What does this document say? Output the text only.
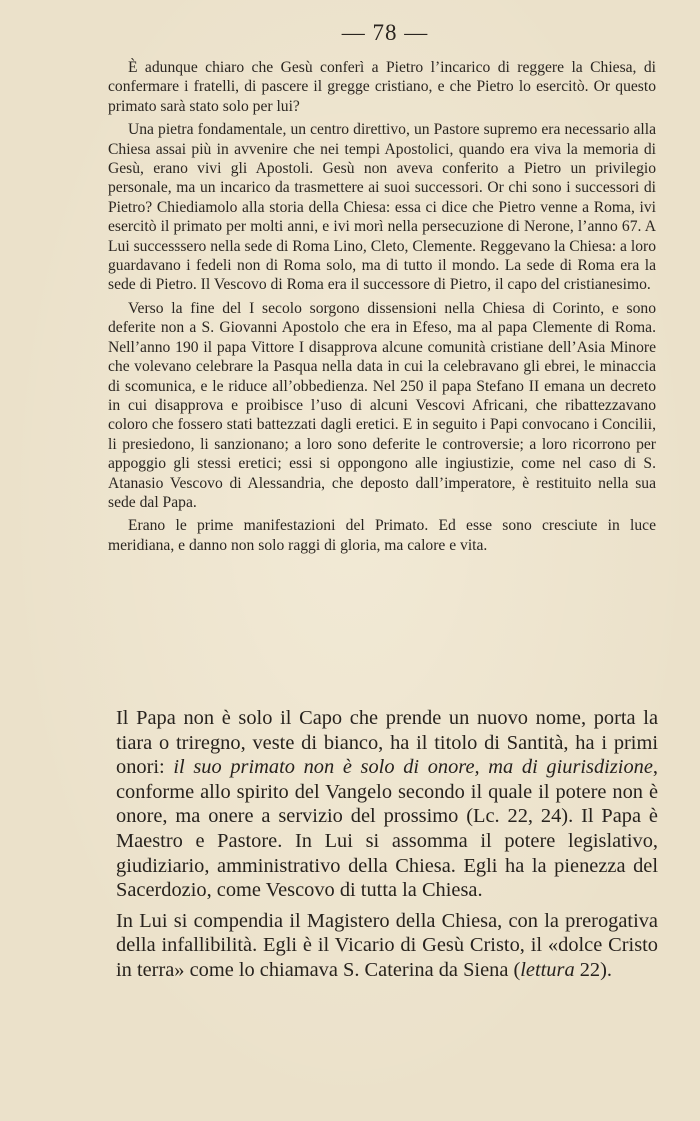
— 78 —

È adunque chiaro che Gesù conferì a Pietro l’incarico di reggere la Chiesa, di confermare i fratelli, di pascere il gregge cristiano, e che Pietro lo esercitò. Or questo primato sarà stato solo per lui?

Una pietra fondamentale, un centro direttivo, un Pastore supremo era necessario alla Chiesa assai più in avvenire che nei tempi Apostolici, quando era viva la memoria di Gesù, erano vivi gli Apostoli. Gesù non aveva conferito a Pietro un privilegio personale, ma un incarico da trasmettere ai suoi successori. Or chi sono i successori di Pietro? Chiediamolo alla storia della Chiesa: essa ci dice che Pietro venne a Roma, ivi esercitò il primato per molti anni, e ivi morì nella persecuzione di Nerone, l’anno 67. A Lui successsero nella sede di Roma Lino, Cleto, Clemente. Reggevano la Chiesa: a loro guardavano i fedeli non di Roma solo, ma di tutto il mondo. La sede di Roma era la sede di Pietro. Il Vescovo di Roma era il successore di Pietro, il capo del cristianesimo.

Verso la fine del I secolo sorgono dissensioni nella Chiesa di Corinto, e sono deferite non a S. Giovanni Apostolo che era in Efeso, ma al papa Clemente di Roma. Nell’anno 190 il papa Vittore I disapprova alcune comunità cristiane dell’Asia Minore che volevano celebrare la Pasqua nella data in cui la celebravano gli ebrei, le minaccia di scomunica, e le riduce all’obbedienza. Nel 250 il papa Stefano II emana un decreto in cui disapprova e proibisce l’uso di alcuni Vescovi Africani, che ribattezzavano coloro che fossero stati battezzati dagli eretici. E in seguito i Papi convocano i Concilii, li presiedono, li sanzionano; a loro sono deferite le controversie; a loro ricorrono per appoggio gli stessi eretici; essi si oppongono alle ingiustizie, come nel caso di S. Atanasio Vescovo di Alessandria, che deposto dall’imperatore, è restituito nella sua sede dal Papa.

Erano le prime manifestazioni del Primato. Ed esse sono cresciute in luce meridiana, e danno non solo raggi di gloria, ma calore e vita.

Il Papa non è solo il Capo che prende un nuovo nome, porta la tiara o triregno, veste di bianco, ha il titolo di Santità, ha i primi onori: il suo primato non è solo di onore, ma di giurisdizione, conforme allo spirito del Vangelo secondo il quale il potere non è onore, ma onere a servizio del prossimo (Lc. 22, 24). Il Papa è Maestro e Pastore. In Lui si assomma il potere legislativo, giudiziario, amministrativo della Chiesa. Egli ha la pienezza del Sacerdozio, come Vescovo di tutta la Chiesa.

In Lui si compendia il Magistero della Chiesa, con la prerogativa della infallibilità. Egli è il Vicario di Gesù Cristo, il «dolce Cristo in terra» come lo chiamava S. Caterina da Siena (lettura 22).
